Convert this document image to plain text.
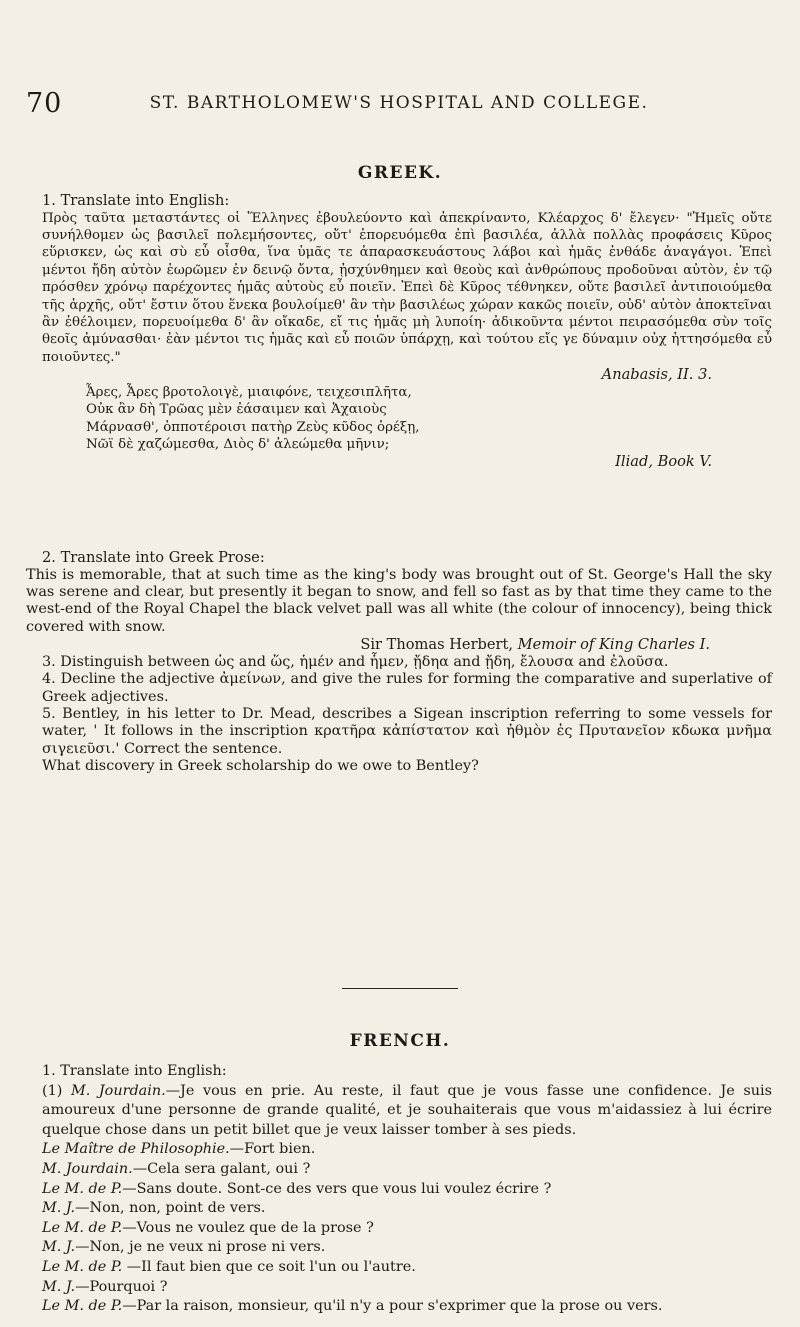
70	ST. BARTHOLOMEW'S HOSPITAL AND COLLEGE.
GREEK.

1. Translate into English:

Πρὸς ταῦτα μεταστάντες οἱ Ἕλληνες ἐβουλεύοντο καὶ ἀπεκρίναντο, Κλέαρχος δ' ἔλεγεν· "Ἡμεῖς οὔτε συνήλθομεν ὡς βασιλεῖ πολεμήσοντες, οὔτ' ἐπορευόμεθα ἐπὶ βασιλέα, ἀλλὰ πολλὰς προφάσεις Κῦρος εὕρισκεν, ὡς καὶ σὺ εὖ οἶσθα, ἵνα ὑμᾶς τε ἀπαρασκευάστους λάβοι καὶ ἡμᾶς ἐνθάδε ἀναγάγοι. Ἐπεὶ μέντοι ἤδη αὐτὸν ἑωρῶμεν ἐν δεινῷ ὄντα, ᾐσχύνθημεν καὶ θεοὺς καὶ ἀνθρώπους προδοῦναι αὐτὸν, ἐν τῷ πρόσθεν χρόνῳ παρέχοντες ἡμᾶς αὐτοὺς εὖ ποιεῖν. Ἐπεὶ δὲ Κῦρος τέθνηκεν, οὔτε βασιλεῖ ἀντιποιούμεθα τῆς ἀρχῆς, οὔτ' ἔστιν ὅτου ἕνεκα βουλοίμεθ' ἂν τὴν βασιλέως χώραν κακῶς ποιεῖν, οὐδ' αὐτὸν ἀποκτεῖναι ἂν ἐθέλοιμεν, πορευοίμεθα δ' ἂν οἴκαδε, εἴ τις ἡμᾶς μὴ λυποίη· ἀδικοῦντα μέντοι πειρασόμεθα σὺν τοῖς θεοῖς ἀμύνασθαι· ἐὰν μέντοι τις ἡμᾶς καὶ εὖ ποιῶν ὑπάρχῃ, καὶ τούτου εἴς γε δύναμιν οὐχ ἡττησόμεθα εὖ ποιοῦντες."

Anabasis, II. 3.

Ἆρες, Ἆρες βροτολοιγὲ, μιαιφόνε, τειχεσιπλῆτα,

Οὐκ ἂν δὴ Τρῶας μὲν ἐάσαιμεν καὶ Ἀχαιοὺς

Μάρνασθ', ὁπποτέροισι πατὴρ Ζεὺς κῦδος ὀρέξῃ,

Νῶϊ δὲ χαζώμεσθα, Διὸς δ' ἀλεώμεθα μῆνιν;

Iliad, Book V.

2. Translate into Greek Prose:

This is memorable, that at such time as the king's body was brought out of St. George's Hall the sky was serene and clear, but presently it began to snow, and fell so fast as by that time they came to the west-end of the Royal Chapel the black velvet pall was all white (the colour of innocency), being thick covered with snow.

Sir Thomas Herbert, Memoir of King Charles I.

3. Distinguish between ὡς and ὥς, ἡμέν and ἧμεν, ᾔδηα and ᾔδη, ἔλουσα and ἐλοῦσα.

4. Decline the adjective ἀμείνων, and give the rules for forming the comparative and superlative of Greek adjectives.

5. Bentley, in his letter to Dr. Mead, describes a Sigean inscription referring to some vessels for water, ' It follows in the inscription κρατῆρα κἀπίστατον καὶ ἠθμὸν ἐς Πρυτανεῖον κδωκα μνῆμα σιγειεῦσι.' Correct the sentence.

What discovery in Greek scholarship do we owe to Bentley?

FRENCH.

1. Translate into English:

(1) M. Jourdain.—Je vous en prie. Au reste, il faut que je vous fasse une confidence. Je suis amoureux d'une personne de grande qualité, et je souhaiterais que vous m'aidassiez à lui écrire quelque chose dans un petit billet que je veux laisser tomber à ses pieds.

Le Maître de Philosophie.—Fort bien.

M. Jourdain.—Cela sera galant, oui ?

Le M. de P.—Sans doute. Sont-ce des vers que vous lui voulez écrire ?

M. J.—Non, non, point de vers.

Le M. de P.—Vous ne voulez que de la prose ?

M. J.—Non, je ne veux ni prose ni vers.

Le M. de P. —Il faut bien que ce soit l'un ou l'autre.

M. J.—Pourquoi ?

Le M. de P.—Par la raison, monsieur, qu'il n'y a pour s'exprimer que la prose ou vers.
